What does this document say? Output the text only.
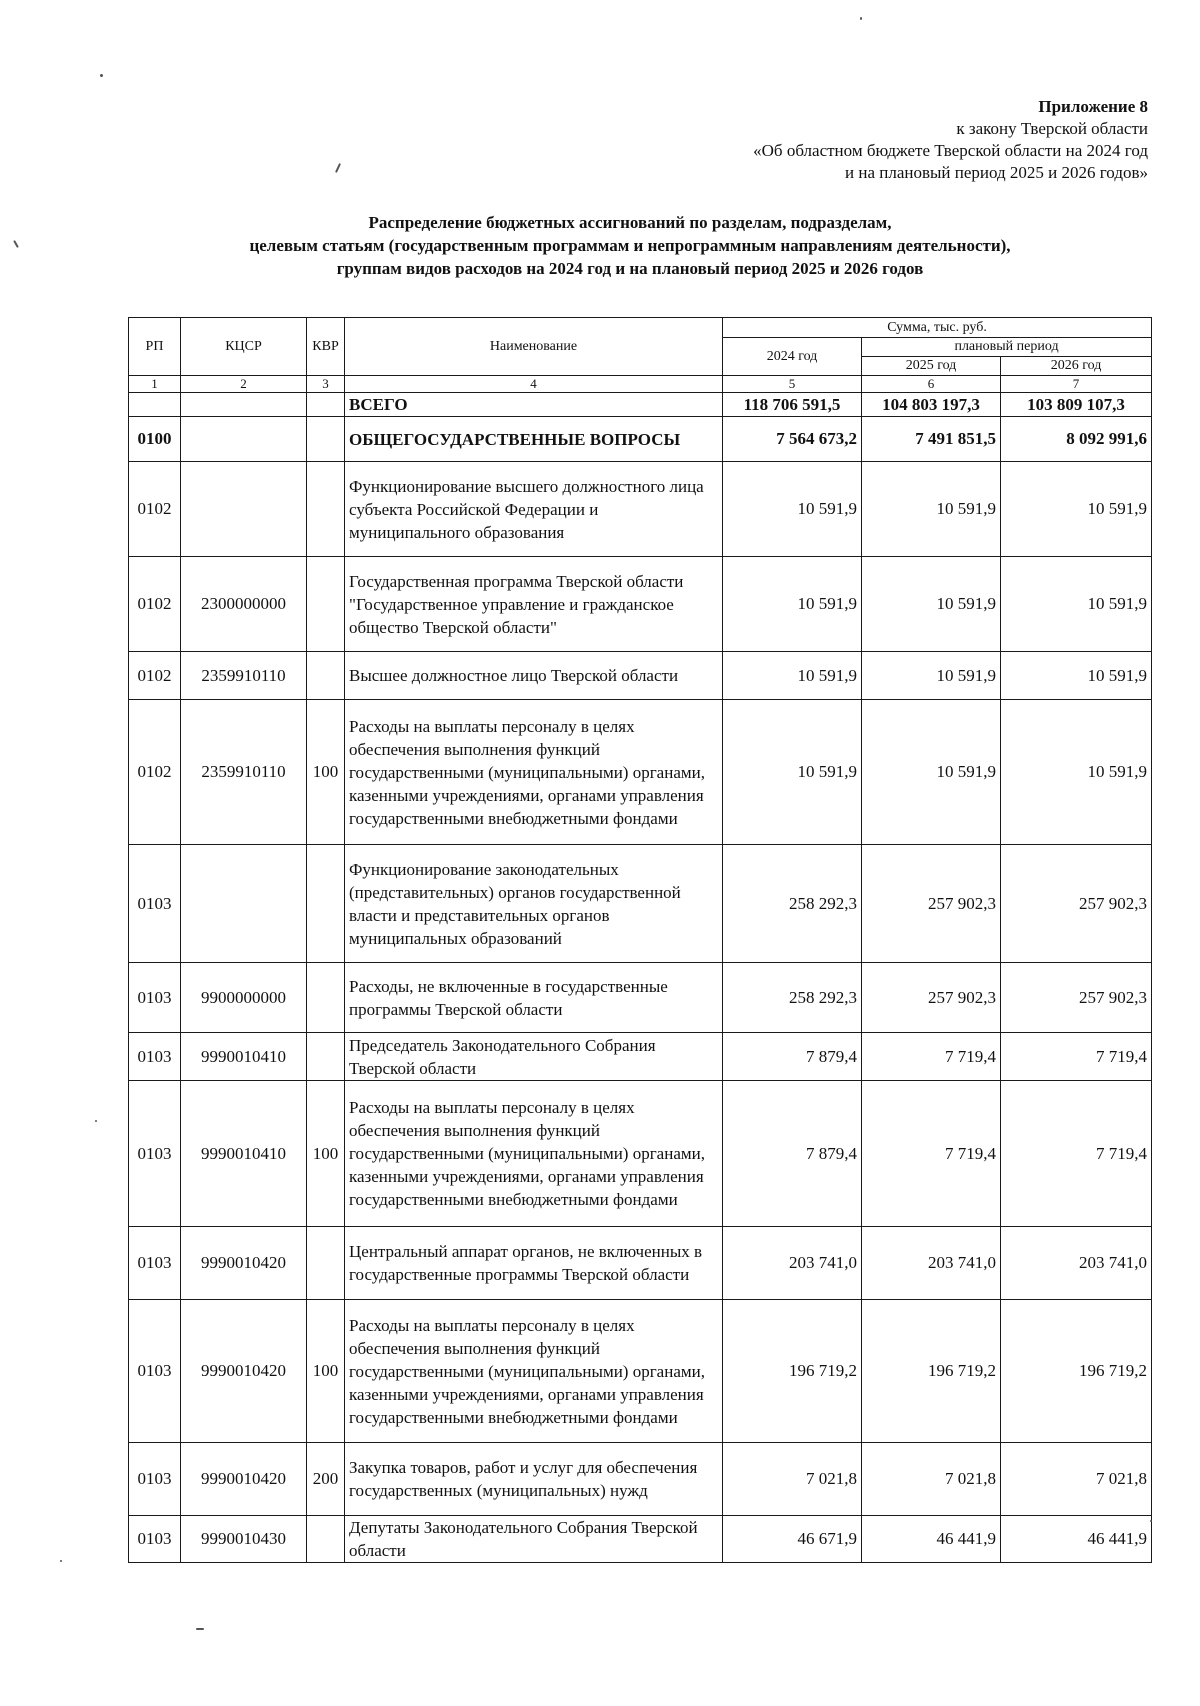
Приложение 8
к закону Тверской области
«Об областном бюджете Тверской области на 2024 год
и на плановый период 2025 и 2026 годов»
Распределение бюджетных ассигнований по разделам, подразделам,
целевым статьям (государственным программам и непрограммным направлениям деятельности),
группам видов расходов на 2024 год и на плановый период 2025 и 2026 годов
РП	КЦСР	КВР	Наименование	Сумма, тыс. руб.		
				2024 год	плановый период	
					2025 год	2026 год
1	2	3	4	5	6	7
			ВСЕГО	118 706 591,5	104 803 197,3	103 809 107,3
0100			ОБЩЕГОСУДАРСТВЕННЫЕ ВОПРОСЫ	7 564 673,2	7 491 851,5	8 092 991,6
0102			Функционирование высшего должностного лица субъекта Российской Федерации и муниципального образования	10 591,9	10 591,9	10 591,9
0102	2300000000		Государственная программа Тверской области "Государственное управление и гражданское общество Тверской области"	10 591,9	10 591,9	10 591,9
0102	2359910110		Высшее должностное лицо Тверской области	10 591,9	10 591,9	10 591,9
0102	2359910110	100	Расходы на выплаты персоналу в целях обеспечения выполнения функций государственными (муниципальными) органами, казенными учреждениями, органами управления государственными внебюджетными фондами	10 591,9	10 591,9	10 591,9
0103			Функционирование законодательных (представительных) органов государственной власти и представительных органов муниципальных образований	258 292,3	257 902,3	257 902,3
0103	9900000000		Расходы, не включенные в государственные программы Тверской области	258 292,3	257 902,3	257 902,3
0103	9990010410		Председатель Законодательного Собрания Тверской области	7 879,4	7 719,4	7 719,4
0103	9990010410	100	Расходы на выплаты персоналу в целях обеспечения выполнения функций государственными (муниципальными) органами, казенными учреждениями, органами управления государственными внебюджетными фондами	7 879,4	7 719,4	7 719,4
0103	9990010420		Центральный аппарат органов, не включенных в государственные программы Тверской области	203 741,0	203 741,0	203 741,0
0103	9990010420	100	Расходы на выплаты персоналу в целях обеспечения выполнения функций государственными (муниципальными) органами, казенными учреждениями, органами управления государственными внебюджетными фондами	196 719,2	196 719,2	196 719,2
0103	9990010420	200	Закупка товаров, работ и услуг для обеспечения государственных (муниципальных) нужд	7 021,8	7 021,8	7 021,8
0103	9990010430		Депутаты Законодательного Собрания Тверской области	46 671,9	46 441,9	46 441,9
